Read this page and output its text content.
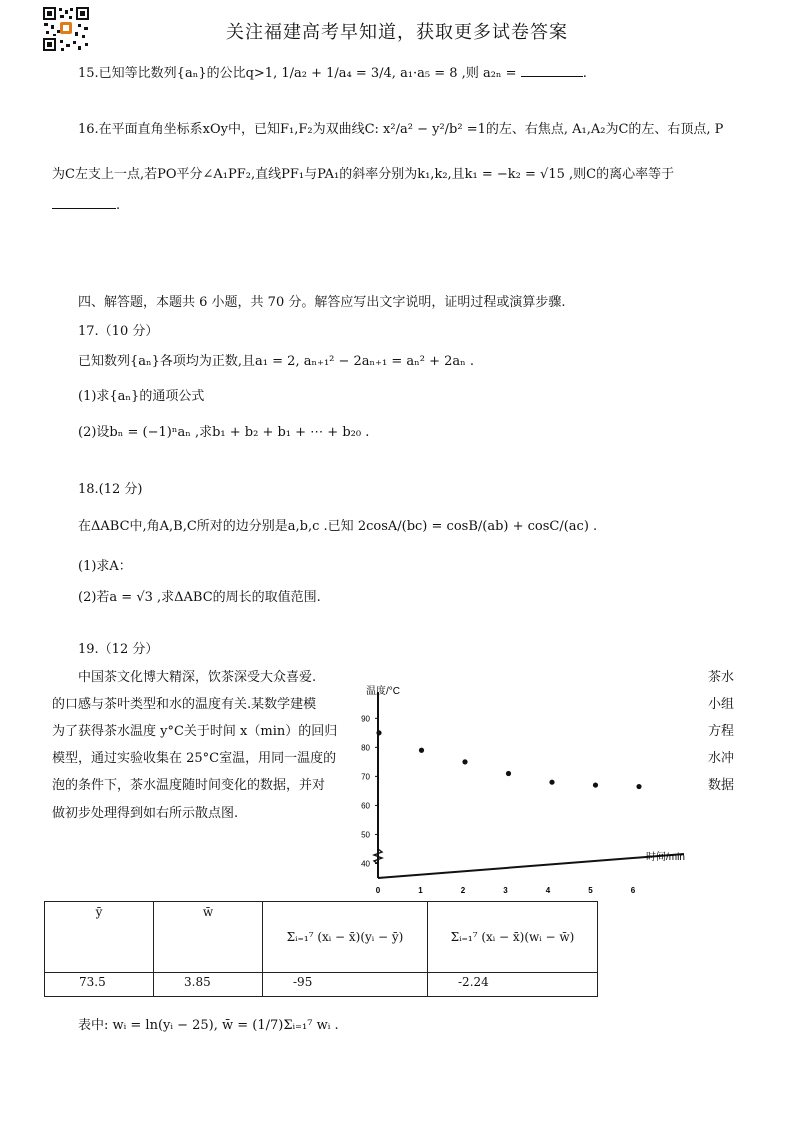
关注福建高考早知道，获取更多试卷答案
15.已知等比数列{aₙ}的公比q>1, 1/a₂ + 1/a₄ = 3/4, a₁·a₅ = 8 ,则 a₂ₙ =	.
16.在平面直角坐标系xOy中，已知F₁,F₂为双曲线C: x²/a² − y²/b² =1的左、右焦点, A₁,A₂为C的左、右顶点, P
为C左支上一点,若PO平分∠A₁PF₂,直线PF₁与PA₁的斜率分别为k₁,k₂,且k₁ = −k₂ = √15 ,则C的离心率等于
.
四、解答题，本题共 6 小题，共 70 分。解答应写出文字说明，证明过程或演算步骤.
17.（10 分）
已知数列{aₙ}各项均为正数,且a₁ = 2, aₙ₊₁² − 2aₙ₊₁ = aₙ² + 2aₙ .
(1)求{aₙ}的通项公式
(2)设bₙ = (−1)ⁿaₙ ,求b₁ + b₂ + b₁ + ⋯ + b₂₀ .
18.(12 分)
在ΔABC中,角A,B,C所对的边分别是a,b,c .已知 2cosA/(bc) = cosB/(ab) + cosC/(ac) .
(1)求A：
(2)若a = √3 ,求ΔABC的周长的取值范围.
19.（12 分）
中国茶文化博大精深，饮茶深受大众喜爱.
的口感与茶叶类型和水的温度有关.某数学建模
为了获得茶水温度 y°C关于时间 x（min）的回归
模型，通过实验收集在 25°C室温，用同一温度的
泡的条件下，茶水温度随时间变化的数据，并对
做初步处理得到如右所示散点图.
茶水
小组
方程
水冲
数据
40
50
60
70
80
90
0	1	2	3	4	5	6
温度/°C
时间/min
ȳ	w̄	Σᵢ₌₁⁷ (xᵢ − x̄)(yᵢ − ȳ)	Σᵢ₌₁⁷ (xᵢ − x̄)(wᵢ − w̄)
73.5	3.85	-95	-2.24
表中: wᵢ = ln(yᵢ − 25), w̄ = (1/7)Σᵢ₌₁⁷ wᵢ .
